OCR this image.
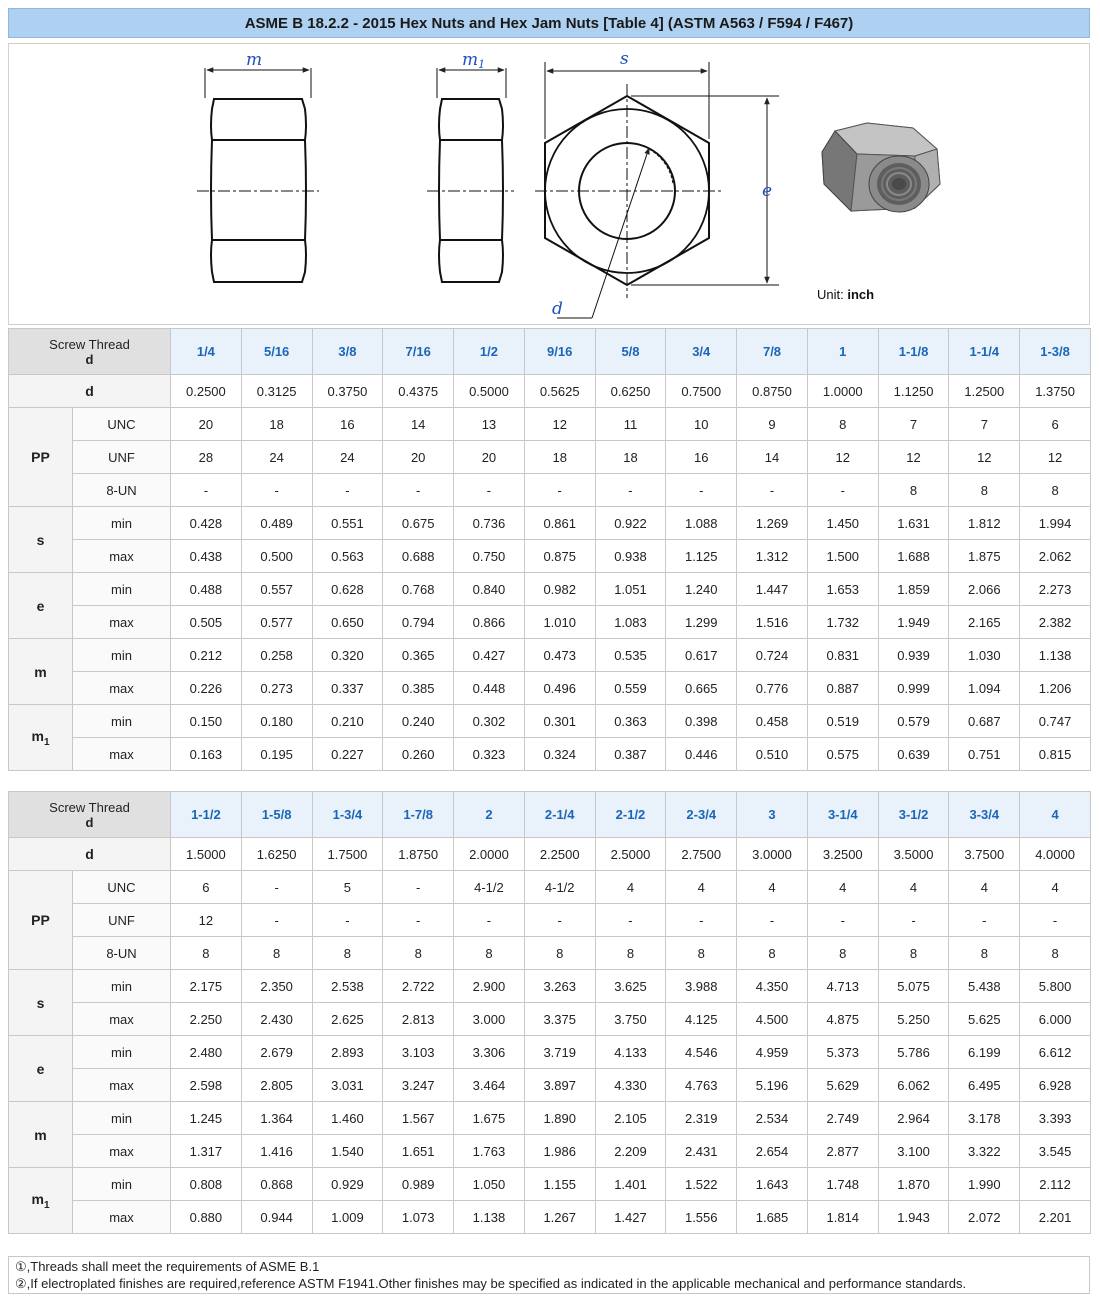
ASME B 18.2.2 - 2015 Hex Nuts and Hex Jam Nuts [Table 4] (ASTM A563 / F594 / F467)
m	m1	s
e
d
Unit: inch
Screw Thread
d		1/4	5/16	3/8	7/16	1/2	9/16	5/8	3/4	7/8	1	1-1/8	1-1/4	1-3/8
d		0.2500	0.3125	0.3750	0.4375	0.5000	0.5625	0.6250	0.7500	0.8750	1.0000	1.1250	1.2500	1.3750
PP	UNC	20	18	16	14	13	12	11	10	9	8	7	7	6
	UNF	28	24	24	20	20	18	18	16	14	12	12	12	12
	8-UN	-	-	-	-	-	-	-	-	-	-	8	8	8
s	min	0.428	0.489	0.551	0.675	0.736	0.861	0.922	1.088	1.269	1.450	1.631	1.812	1.994
	max	0.438	0.500	0.563	0.688	0.750	0.875	0.938	1.125	1.312	1.500	1.688	1.875	2.062
e	min	0.488	0.557	0.628	0.768	0.840	0.982	1.051	1.240	1.447	1.653	1.859	2.066	2.273
	max	0.505	0.577	0.650	0.794	0.866	1.010	1.083	1.299	1.516	1.732	1.949	2.165	2.382
m	min	0.212	0.258	0.320	0.365	0.427	0.473	0.535	0.617	0.724	0.831	0.939	1.030	1.138
	max	0.226	0.273	0.337	0.385	0.448	0.496	0.559	0.665	0.776	0.887	0.999	1.094	1.206
$m_1$	min	0.150	0.180	0.210	0.240	0.302	0.301	0.363	0.398	0.458	0.519	0.579	0.687	0.747
	max	0.163	0.195	0.227	0.260	0.323	0.324	0.387	0.446	0.510	0.575	0.639	0.751	0.815
Screw Thread
d		1-1/2	1-5/8	1-3/4	1-7/8	2	2-1/4	2-1/2	2-3/4	3	3-1/4	3-1/2	3-3/4	4
d		1.5000	1.6250	1.7500	1.8750	2.0000	2.2500	2.5000	2.7500	3.0000	3.2500	3.5000	3.7500	4.0000
PP	UNC	6	-	5	-	4-1/2	4-1/2	4	4	4	4	4	4	4
	UNF	12	-	-	-	-	-	-	-	-	-	-	-	-
	8-UN	8	8	8	8	8	8	8	8	8	8	8	8	8
s	min	2.175	2.350	2.538	2.722	2.900	3.263	3.625	3.988	4.350	4.713	5.075	5.438	5.800
	max	2.250	2.430	2.625	2.813	3.000	3.375	3.750	4.125	4.500	4.875	5.250	5.625	6.000
e	min	2.480	2.679	2.893	3.103	3.306	3.719	4.133	4.546	4.959	5.373	5.786	6.199	6.612
	max	2.598	2.805	3.031	3.247	3.464	3.897	4.330	4.763	5.196	5.629	6.062	6.495	6.928
m	min	1.245	1.364	1.460	1.567	1.675	1.890	2.105	2.319	2.534	2.749	2.964	3.178	3.393
	max	1.317	1.416	1.540	1.651	1.763	1.986	2.209	2.431	2.654	2.877	3.100	3.322	3.545
$m_1$	min	0.808	0.868	0.929	0.989	1.050	1.155	1.401	1.522	1.643	1.748	1.870	1.990	2.112
	max	0.880	0.944	1.009	1.073	1.138	1.267	1.427	1.556	1.685	1.814	1.943	2.072	2.201
①,Threads shall meet the requirements of ASME B.1
②,If electroplated finishes are required,reference ASTM F1941.Other finishes may be specified as indicated in the applicable mechanical and performance standards.
